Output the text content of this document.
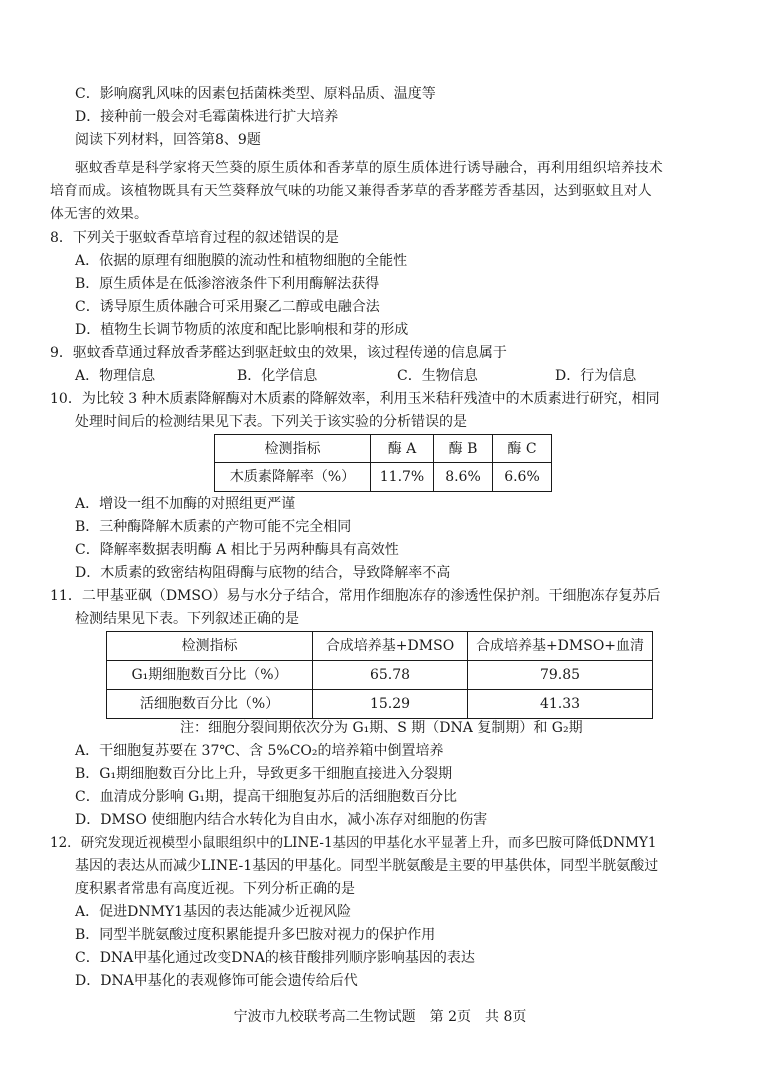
C．影响腐乳风味的因素包括菌株类型、原料品质、温度等
D．接种前一般会对毛霉菌株进行扩大培养
阅读下列材料，回答第8、9题
驱蚊香草是科学家将天竺葵的原生质体和香茅草的原生质体进行诱导融合，再利用组织培养技术
培育而成。该植物既具有天竺葵释放气味的功能又兼得香茅草的香茅醛芳香基因，达到驱蚊且对人
体无害的效果。
8．下列关于驱蚊香草培育过程的叙述错误的是
A．依据的原理有细胞膜的流动性和植物细胞的全能性
B．原生质体是在低渗溶液条件下利用酶解法获得
C．诱导原生质体融合可采用聚乙二醇或电融合法
D．植物生长调节物质的浓度和配比影响根和芽的形成
9．驱蚊香草通过释放香茅醛达到驱赶蚊虫的效果，该过程传递的信息属于
A．物理信息	B．化学信息	C．生物信息	D．行为信息
10．为比较 3 种木质素降解酶对木质素的降解效率，利用玉米秸秆残渣中的木质素进行研究，相同
处理时间后的检测结果见下表。下列关于该实验的分析错误的是
检测指标	酶 A	酶 B	酶 C
木质素降解率（%）	11.7%	8.6%	6.6%
A．增设一组不加酶的对照组更严谨
B．三种酶降解木质素的产物可能不完全相同
C．降解率数据表明酶 A 相比于另两种酶具有高效性
D．木质素的致密结构阻碍酶与底物的结合，导致降解率不高
11．二甲基亚砜（DMSO）易与水分子结合，常用作细胞冻存的渗透性保护剂。干细胞冻存复苏后
检测结果见下表。下列叙述正确的是
检测指标	合成培养基+DMSO	合成培养基+DMSO+血清
G₁期细胞数百分比（%）	65.78	79.85
活细胞数百分比（%）	15.29	41.33
注：细胞分裂间期依次分为 G₁期、S 期（DNA 复制期）和 G₂期
A．干细胞复苏要在 37℃、含 5%CO₂的培养箱中倒置培养
B．G₁期细胞数百分比上升，导致更多干细胞直接进入分裂期
C．血清成分影响 G₁期，提高干细胞复苏后的活细胞数百分比
D．DMSO 使细胞内结合水转化为自由水，减小冻存对细胞的伤害
12．研究发现近视模型小鼠眼组织中的LINE-1基因的甲基化水平显著上升，而多巴胺可降低DNMY1
基因的表达从而减少LINE-1基因的甲基化。同型半胱氨酸是主要的甲基供体，同型半胱氨酸过
度积累者常患有高度近视。下列分析正确的是
A．促进DNMY1基因的表达能减少近视风险
B．同型半胱氨酸过度积累能提升多巴胺对视力的保护作用
C．DNA甲基化通过改变DNA的核苷酸排列顺序影响基因的表达
D．DNA甲基化的表观修饰可能会遗传给后代
宁波市九校联考高二生物试题　第 2页　共 8页
